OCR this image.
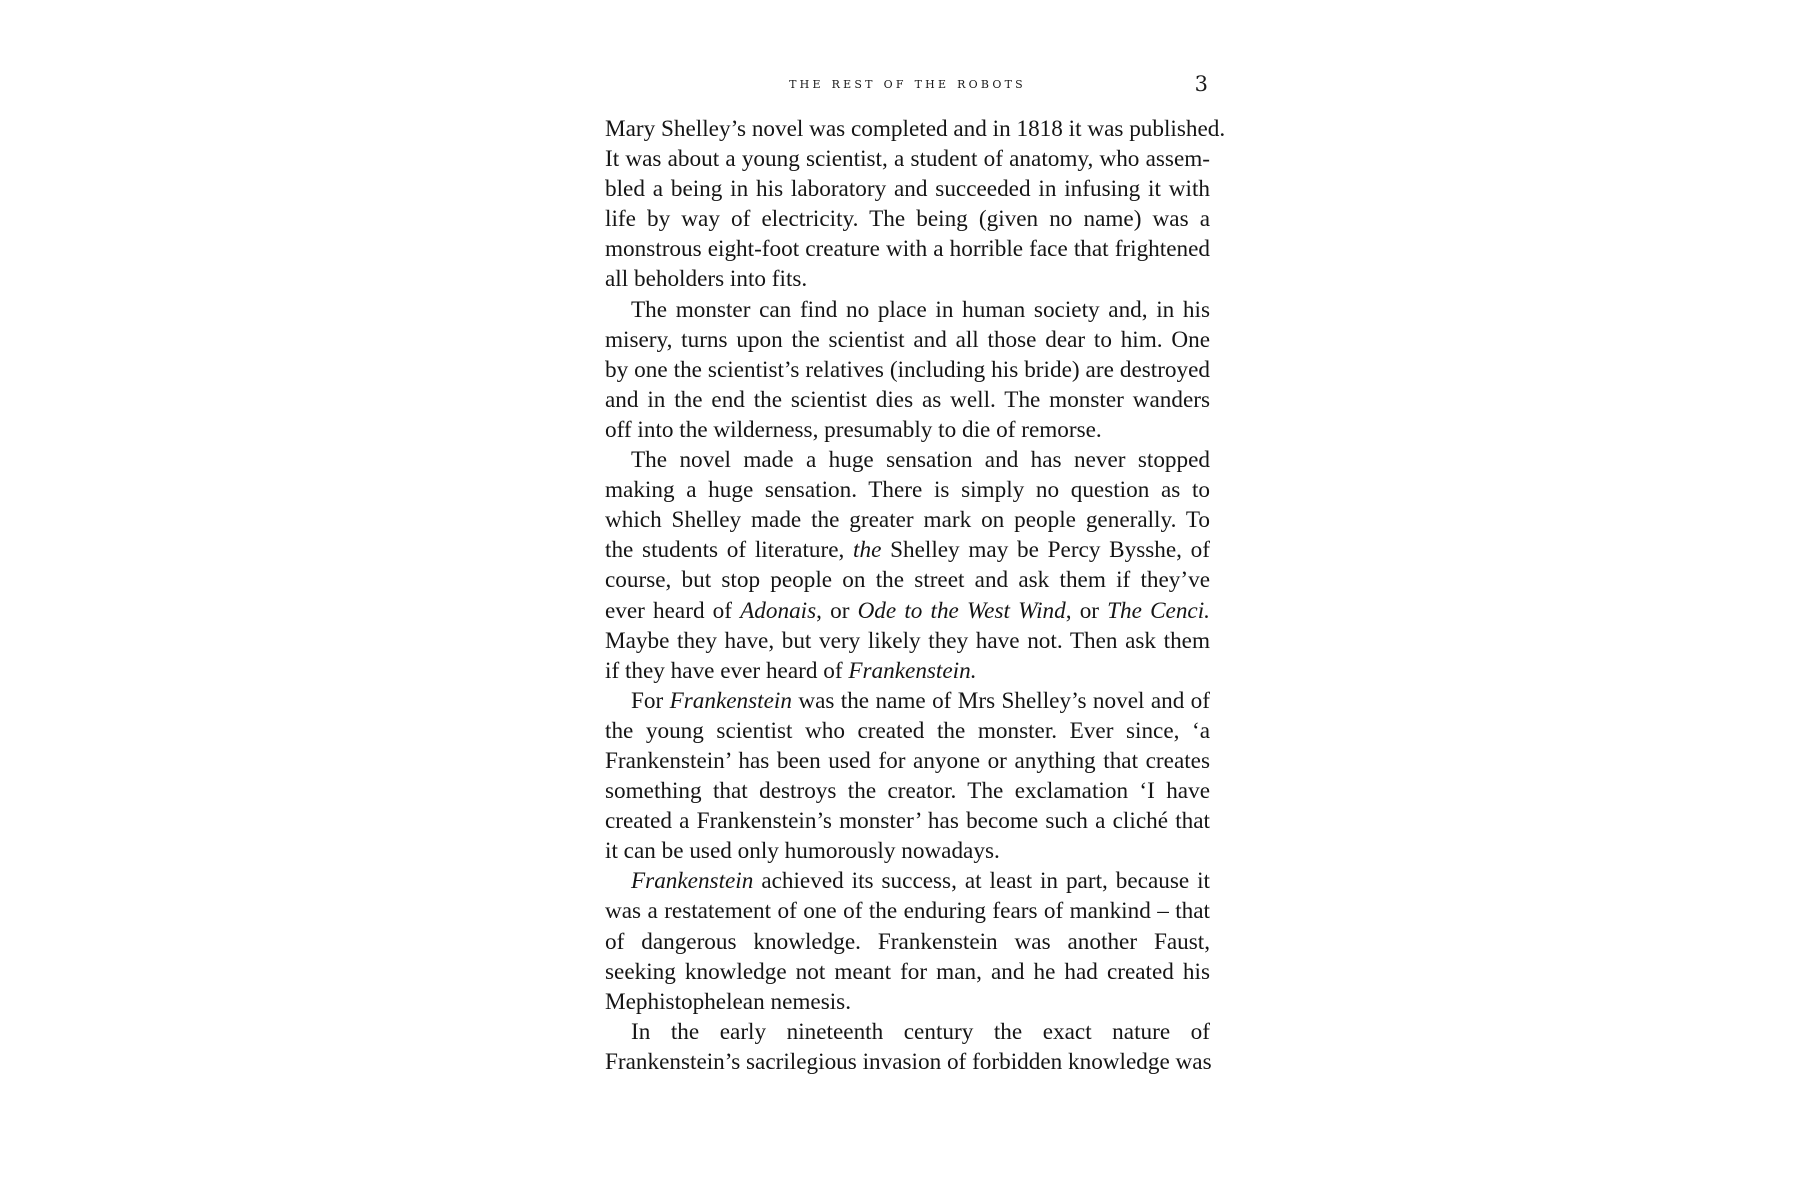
the rest of the robots	3
Mary Shelley’s novel was completed and in 1818 it was published.
It was about a young scientist, a student of anatomy, who assem-
bled a being in his laboratory and succeeded in infusing it with
life by way of electricity. The being (given no name) was a
monstrous eight-foot creature with a horrible face that frightened
all beholders into fits.
The monster can find no place in human society and, in his
misery, turns upon the scientist and all those dear to him. One
by one the scientist’s relatives (including his bride) are destroyed
and in the end the scientist dies as well. The monster wanders
off into the wilderness, presumably to die of remorse.
The novel made a huge sensation and has never stopped
making a huge sensation. There is simply no question as to
which Shelley made the greater mark on people generally. To
the students of literature, the Shelley may be Percy Bysshe, of
course, but stop people on the street and ask them if they’ve
ever heard of Adonais, or Ode to the West Wind, or The Cenci.
Maybe they have, but very likely they have not. Then ask them
if they have ever heard of Frankenstein.
For Frankenstein was the name of Mrs Shelley’s novel and of
the young scientist who created the monster. Ever since, ‘a
Frankenstein’ has been used for anyone or anything that creates
something that destroys the creator. The exclamation ‘I have
created a Frankenstein’s monster’ has become such a cliché that
it can be used only humorously nowadays.
Frankenstein achieved its success, at least in part, because it
was a restatement of one of the enduring fears of mankind – that
of dangerous knowledge. Frankenstein was another Faust,
seeking knowledge not meant for man, and he had created his
Mephistophelean nemesis.
In the early nineteenth century the exact nature of
Frankenstein’s sacrilegious invasion of forbidden knowledge was
